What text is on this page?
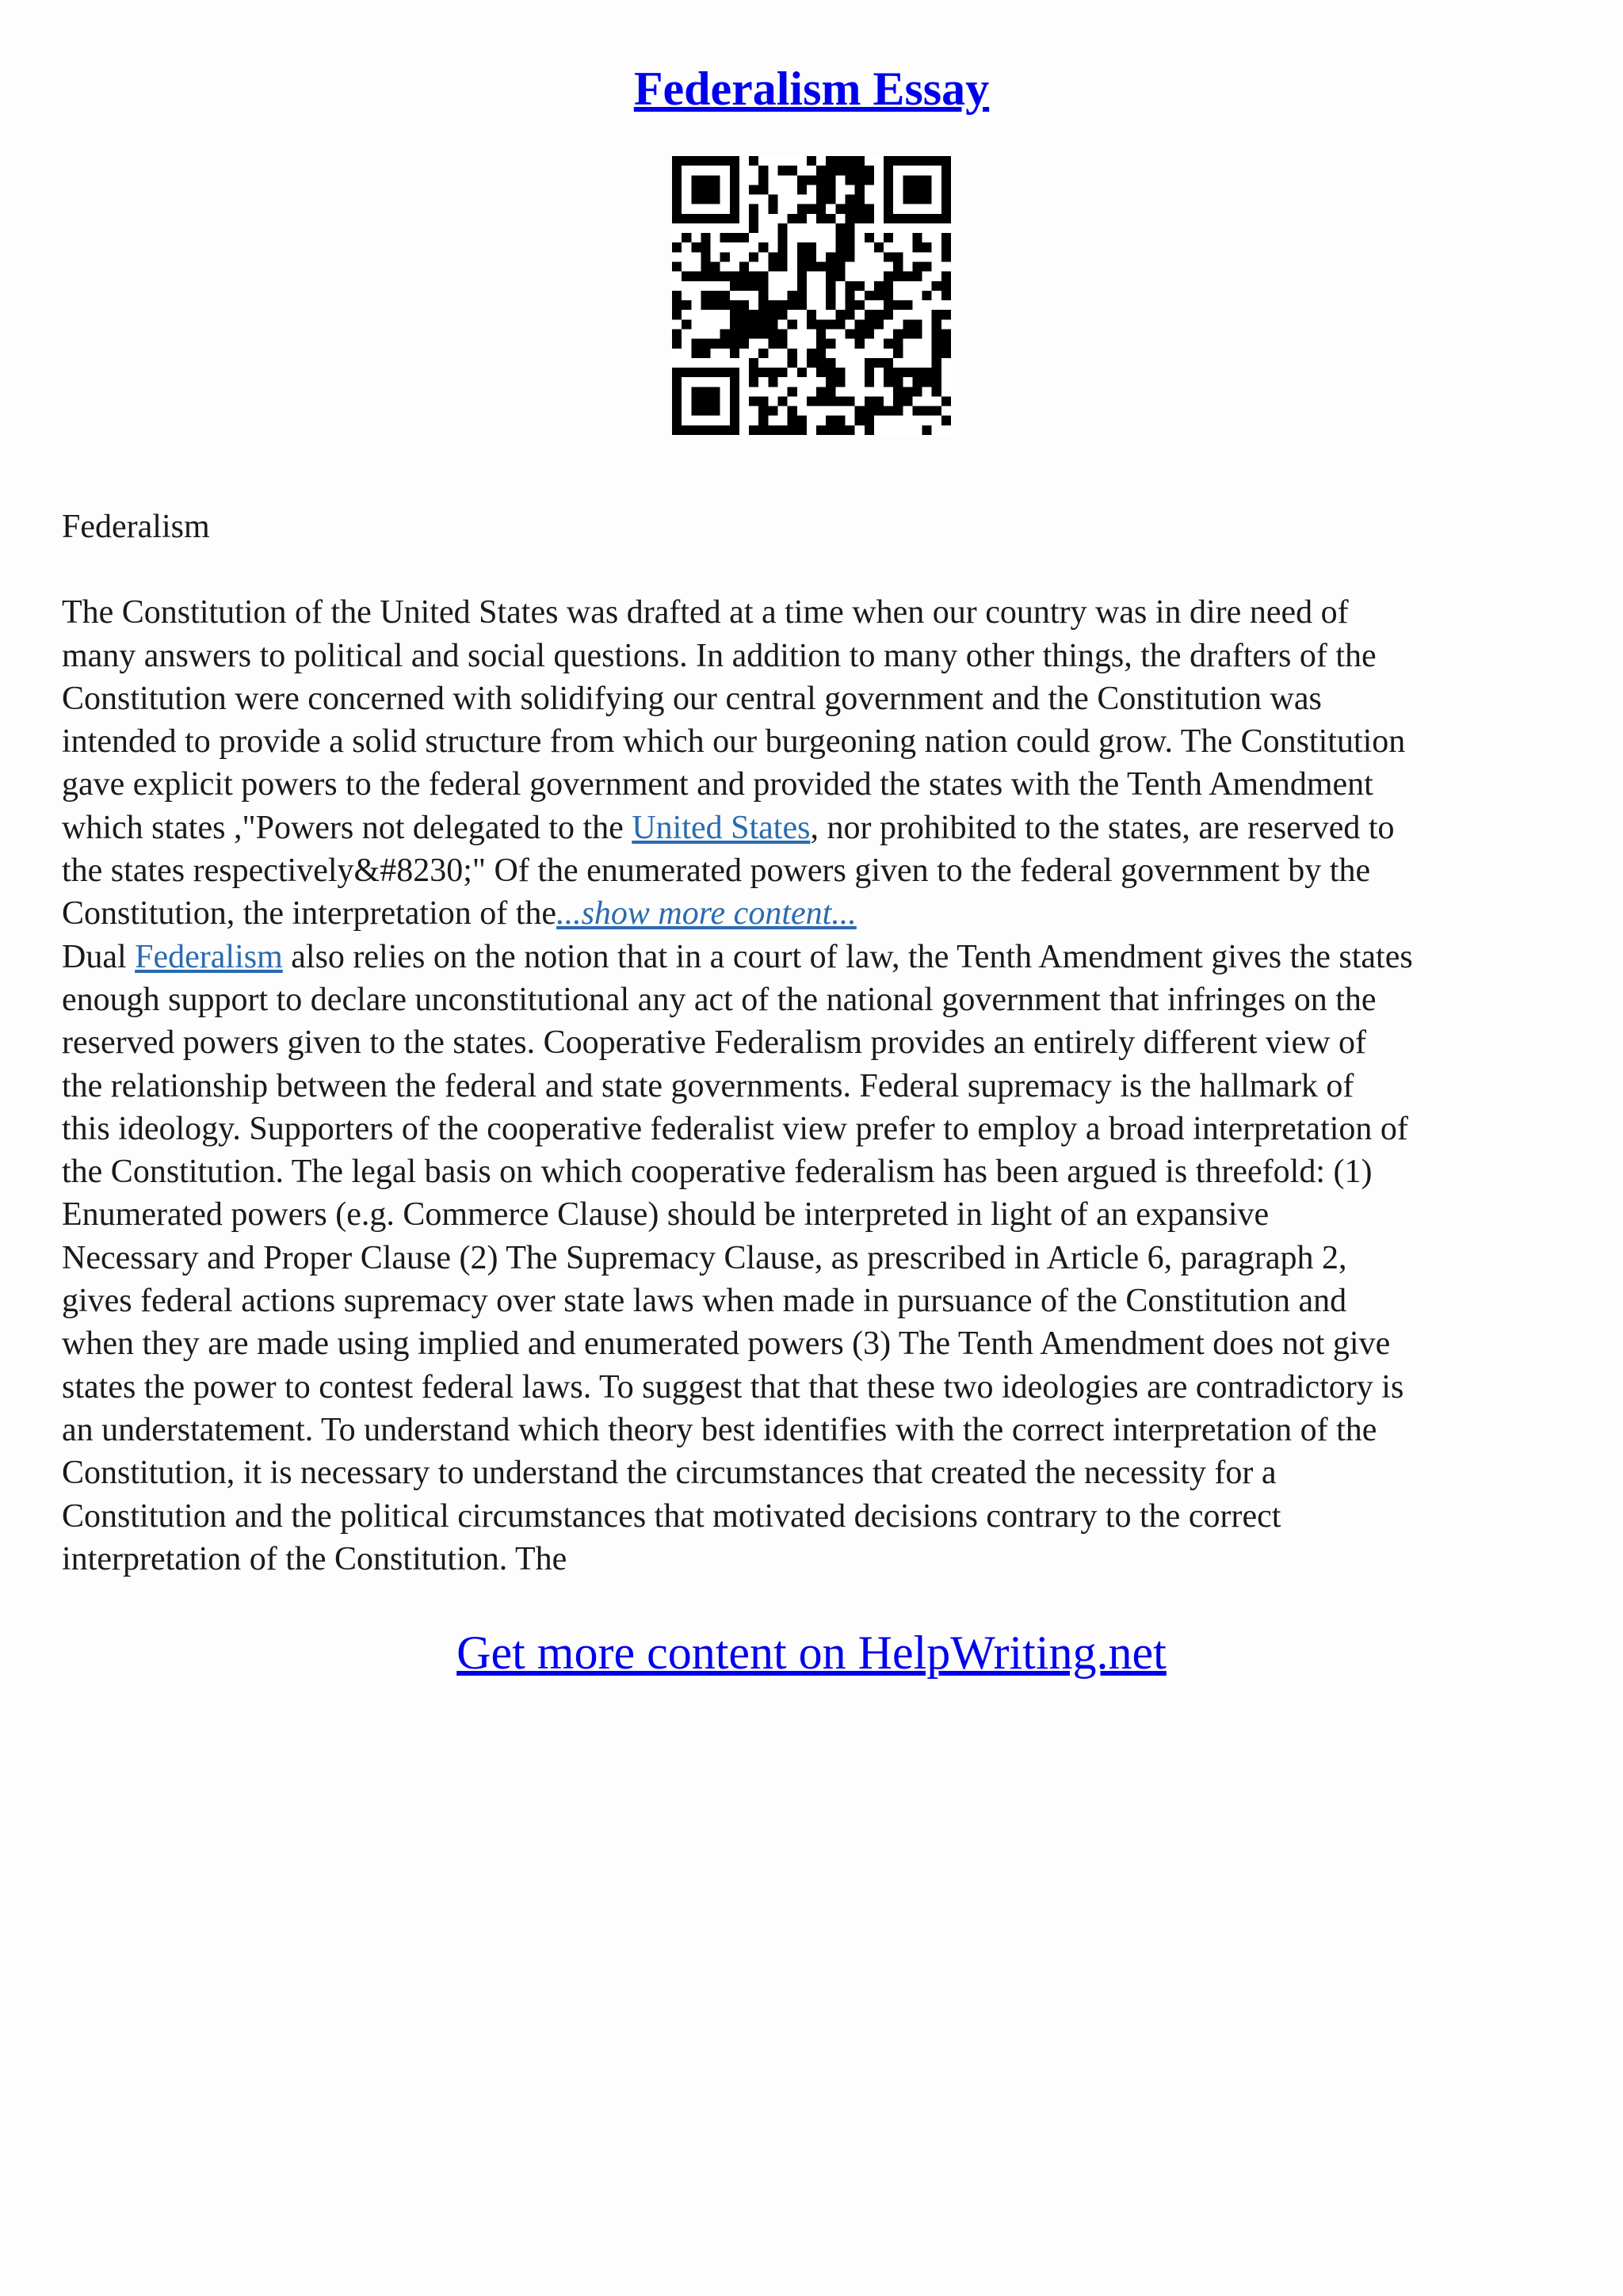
Federalism Essay

Federalism

The Constitution of the United States was drafted at a time when our country was in dire need of

many answers to political and social questions. In addition to many other things, the drafters of the

Constitution were concerned with solidifying our central government and the Constitution was

intended to provide a solid structure from which our burgeoning nation could grow. The Constitution

gave explicit powers to the federal government and provided the states with the Tenth Amendment

which states ,"Powers not delegated to the United States, nor prohibited to the states, are reserved to

the states respectively&#8230;" Of the enumerated powers given to the federal government by the

Constitution, the interpretation of the...show more content...

Dual Federalism also relies on the notion that in a court of law, the Tenth Amendment gives the states

enough support to declare unconstitutional any act of the national government that infringes on the

reserved powers given to the states. Cooperative Federalism provides an entirely different view of

the relationship between the federal and state governments. Federal supremacy is the hallmark of

this ideology. Supporters of the cooperative federalist view prefer to employ a broad interpretation of

the Constitution. The legal basis on which cooperative federalism has been argued is threefold: (1)

Enumerated powers (e.g. Commerce Clause) should be interpreted in light of an expansive

Necessary and Proper Clause (2) The Supremacy Clause, as prescribed in Article 6, paragraph 2,

gives federal actions supremacy over state laws when made in pursuance of the Constitution and

when they are made using implied and enumerated powers (3) The Tenth Amendment does not give

states the power to contest federal laws. To suggest that that these two ideologies are contradictory is

an understatement. To understand which theory best identifies with the correct interpretation of the

Constitution, it is necessary to understand the circumstances that created the necessity for a

Constitution and the political circumstances that motivated decisions contrary to the correct

interpretation of the Constitution. The

Get more content on HelpWriting.net
